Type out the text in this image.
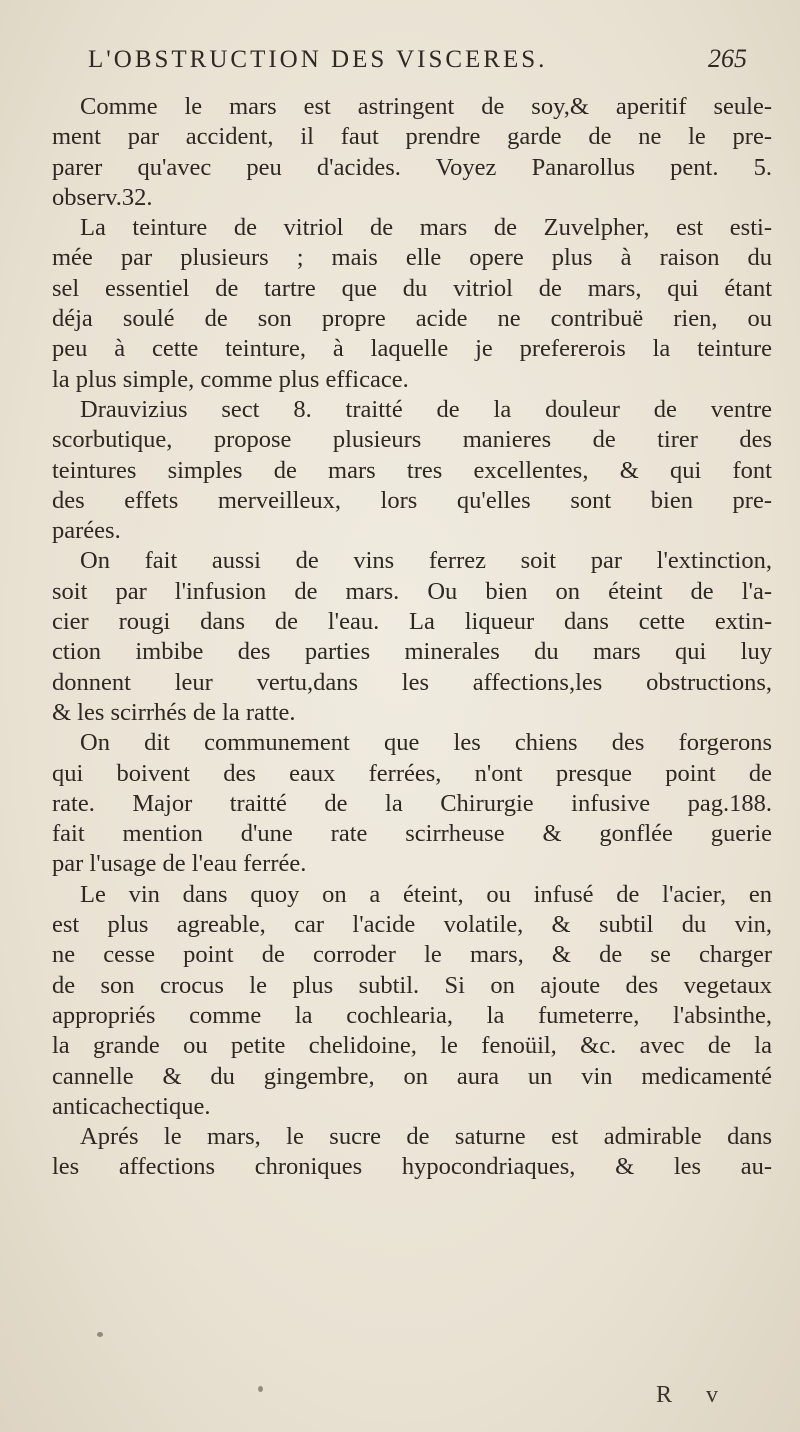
L'OBSTRUCTION DES VISCERES.	265
Comme le mars est astringent de soy,& aperitif seule-
ment par accident, il faut prendre garde de ne le pre-
parer qu'avec peu d'acides. Voyez Panarollus pent. 5.
observ.32.
La teinture de vitriol de mars de Zuvelpher, est esti-
mée par plusieurs ; mais elle opere plus à raison du
sel essentiel de tartre que du vitriol de mars, qui étant
déja soulé de son propre acide ne contribuë rien, ou
peu à cette teinture, à laquelle je prefererois la teinture
la plus simple, comme plus efficace.
Drauvizius sect 8. traitté de la douleur de ventre
scorbutique, propose plusieurs manieres de tirer des
teintures simples de mars tres excellentes, & qui font
des effets merveilleux, lors qu'elles sont bien pre-
parées.
On fait aussi de vins ferrez soit par l'extinction,
soit par l'infusion de mars. Ou bien on éteint de l'a-
cier rougi dans de l'eau. La liqueur dans cette extin-
ction imbibe des parties minerales du mars qui luy
donnent leur vertu,dans les affections,les obstructions,
& les scirrhés de la ratte.
On dit communement que les chiens des forgerons
qui boivent des eaux ferrées, n'ont presque point de
rate. Major traitté de la Chirurgie infusive pag.188.
fait mention d'une rate scirrheuse & gonflée guerie
par l'usage de l'eau ferrée.
Le vin dans quoy on a éteint, ou infusé de l'acier, en
est plus agreable, car l'acide volatile, & subtil du vin,
ne cesse point de corroder le mars, & de se charger
de son crocus le plus subtil. Si on ajoute des vegetaux
appropriés comme la cochlearia, la fumeterre, l'absinthe,
la grande ou petite chelidoine, le fenoüil, &c. avec de la
cannelle & du gingembre, on aura un vin medicamenté
anticachectique.
Aprés le mars, le sucre de saturne est admirable dans
les affections chroniques hypocondriaques, & les au-
R v
